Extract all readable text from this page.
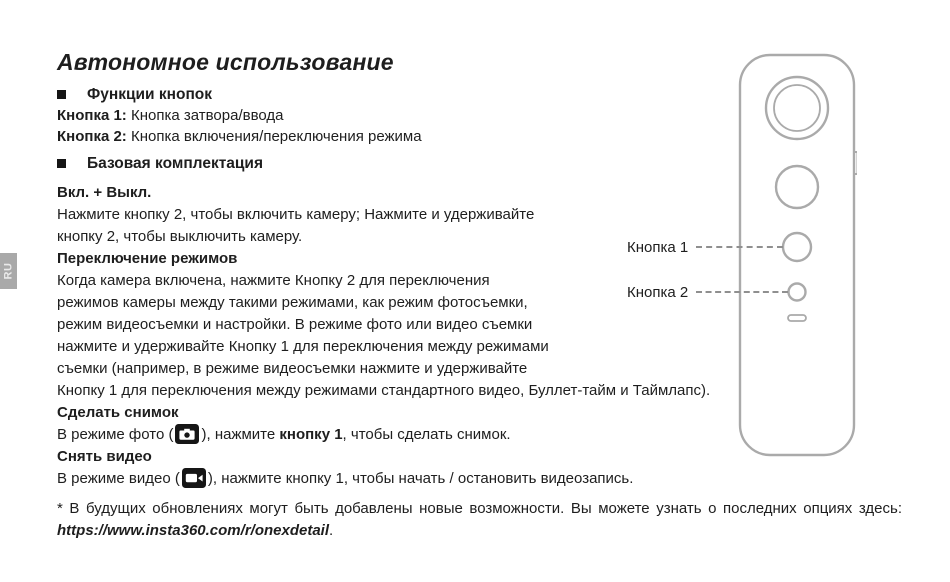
RU
Автономное использование
Функции кнопок
Кнопка 1: Кнопка затвора/ввода
Кнопка 2: Кнопка включения/переключения режима
Базовая комплектация
Вкл. + Выкл.
Нажмите кнопку 2, чтобы включить камеру; Нажмите и удерживайте
кнопку 2, чтобы выключить камеру.
Переключение режимов
Когда камера включена, нажмите Кнопку 2 для переключения
режимов камеры между такими режимами, как режим фотосъемки,
режим видеосъемки и настройки. В режиме фото или видео съемки
нажмите и удерживайте Кнопку 1 для переключения между режимами
съемки (например, в режиме видеосъемки нажмите и удерживайте
Кнопку 1 для переключения между режимами стандартного видео, Буллет-тайм и Таймлапс).
Сделать снимок
В режиме фото ( ), нажмите кнопку 1, чтобы сделать снимок.
Снять видео
В режиме видео ( ), нажмите кнопку 1, чтобы начать / остановить видеозапись.
* В будущих обновлениях могут быть добавлены новые возможности. Вы можете узнать о последних опциях здесь: https://www.insta360.com/r/onexdetail.
Кнопка 1
Кнопка 2
